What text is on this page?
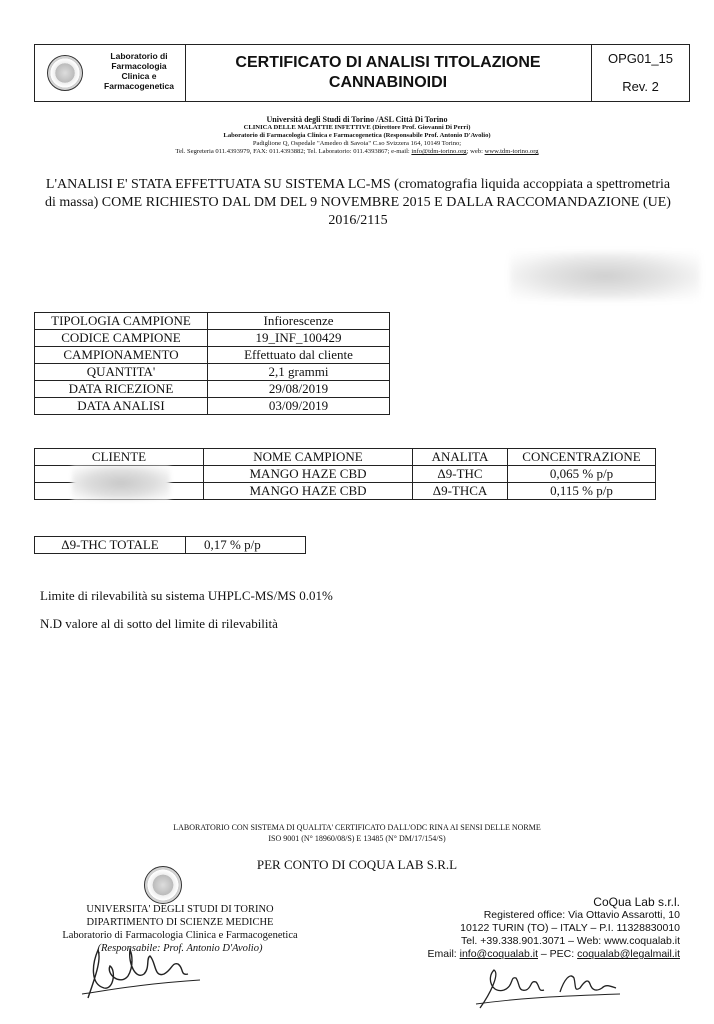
Laboratorio di
Farmacologia
Clinica e
Farmacogenetica
CERTIFICATO DI ANALISI TITOLAZIONE
CANNABINOIDI
OPG01_15
Rev. 2
Università degli Studi di Torino /ASL Città Di Torino
CLINICA DELLE MALATTIE INFETTIVE (Direttore Prof. Giovanni Di Perri)
Laboratorio di Farmacologia Clinica e Farmacogenetica (Responsabile Prof. Antonio D'Avolio)
Padiglione Q, Ospedale "Amedeo di Savoia" C.so Svizzera 164, 10149 Torino;
Tel. Segreteria 011.4393979, FAX: 011.4393882; Tel. Laboratorio: 011.4393867; e-mail: info@tdm-torino.org; web: www.tdm-torino.org
L'ANALISI E' STATA EFFETTUATA SU SISTEMA LC-MS (cromatografia liquida accoppiata a spettrometria di massa) COME RICHIESTO DAL DM DEL 9 NOVEMBRE 2015 E DALLA RACCOMANDAZIONE (UE) 2016/2115
TIPOLOGIA CAMPIONE	Infiorescenze
CODICE CAMPIONE	19_INF_100429
CAMPIONAMENTO	Effettuato dal cliente
QUANTITA'	2,1 grammi
DATA RICEZIONE	29/08/2019
DATA ANALISI	03/09/2019
CLIENTE	NOME CAMPIONE	ANALITA	CONCENTRAZIONE
	MANGO HAZE CBD	Δ9-THC	0,065 % p/p
	MANGO HAZE CBD	Δ9-THCA	0,115 % p/p
Δ9-THC TOTALE	0,17 % p/p
Limite di rilevabilità su sistema UHPLC-MS/MS 0.01%
N.D valore al di sotto del limite di rilevabilità
LABORATORIO CON SISTEMA DI QUALITA' CERTIFICATO DALL'ODC RINA AI SENSI DELLE NORME
ISO 9001 (N° 18960/08/S) E 13485 (N° DM/17/154/S)
PER CONTO DI COQUA LAB S.R.L
UNIVERSITA' DEGLI STUDI DI TORINO
DIPARTIMENTO DI SCIENZE MEDICHE
Laboratorio di Farmacologia Clinica e Farmacogenetica
(Responsabile: Prof. Antonio D'Avolio)
CoQua Lab s.r.l.
Registered office: Via Ottavio Assarotti, 10
10122 TURIN (TO) – ITALY – P.I. 11328830010
Tel. +39.338.901.3071 – Web: www.coqualab.it
Email: info@coqualab.it – PEC: coqualab@legalmail.it
